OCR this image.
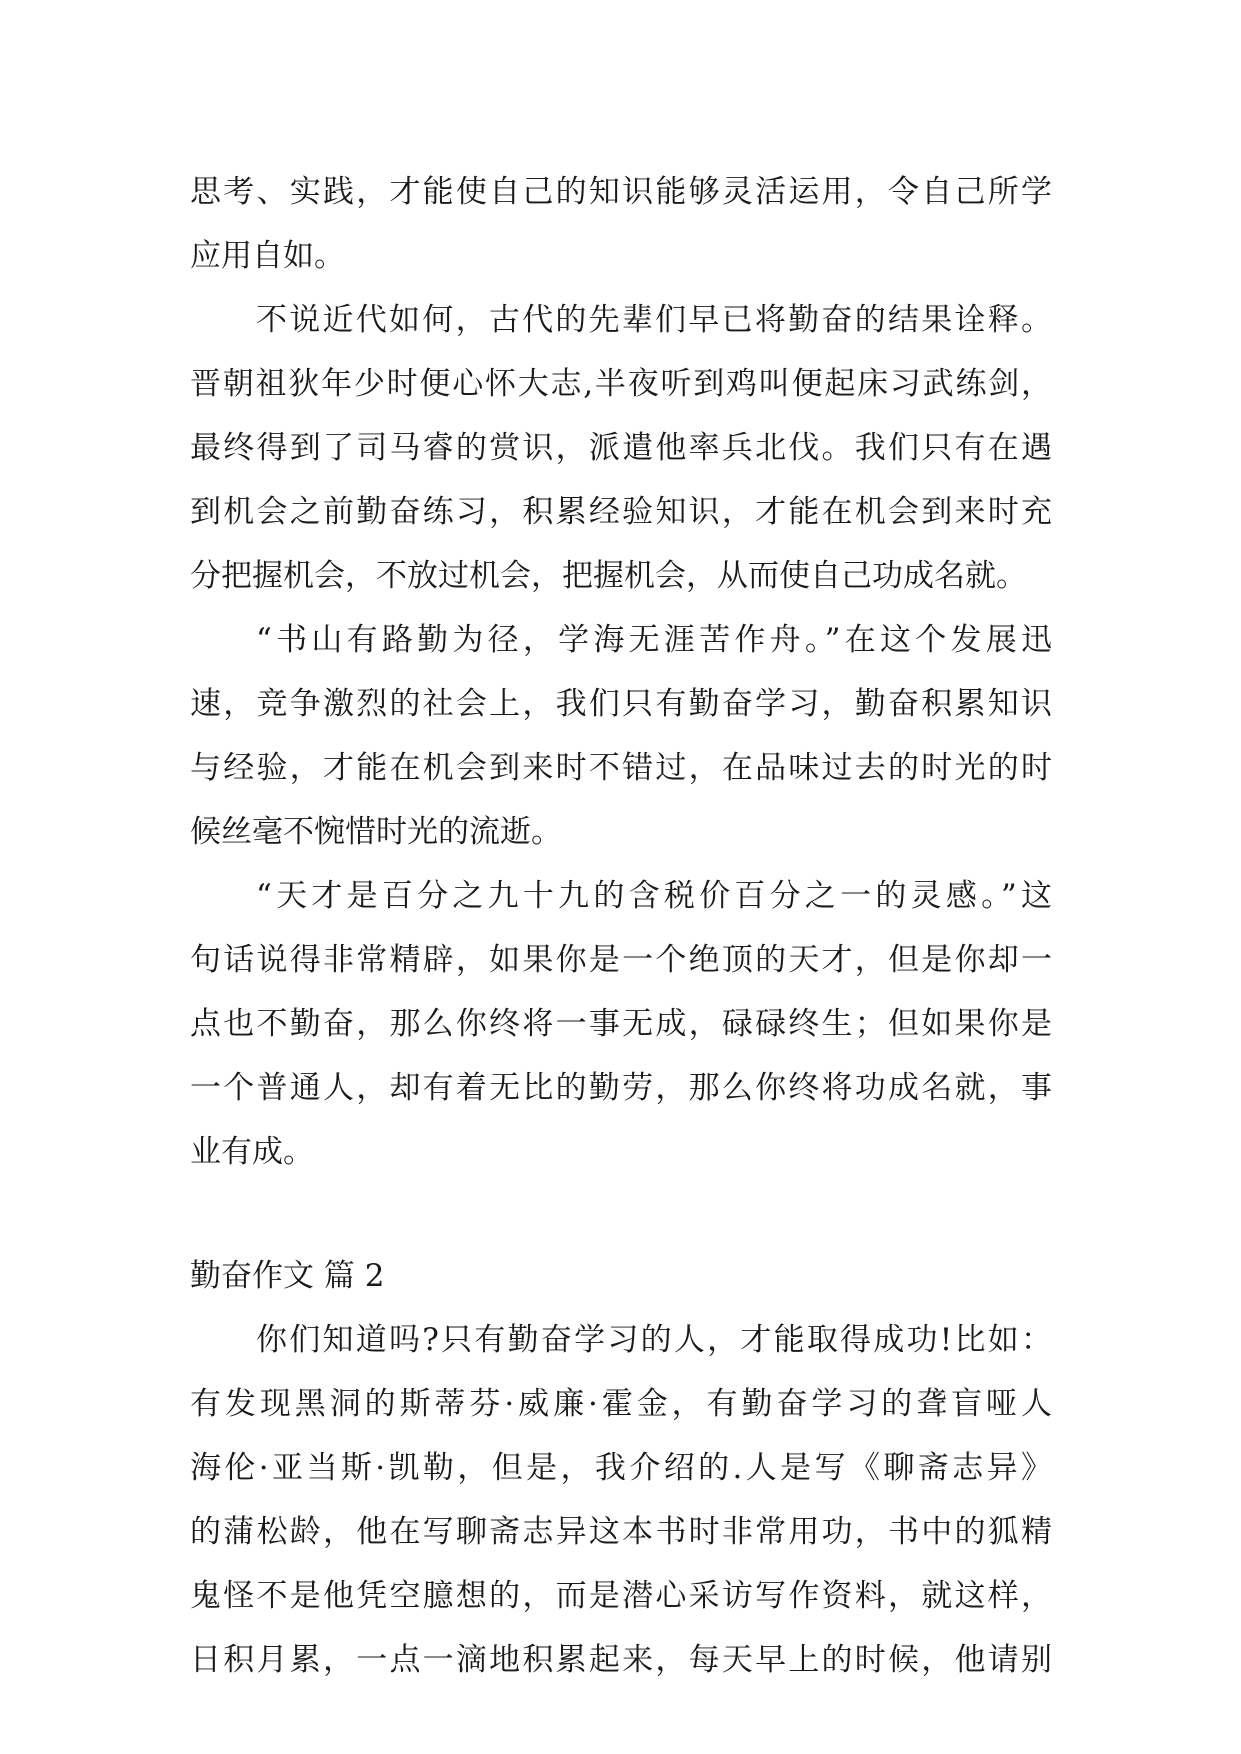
思考、实践，才能使自己的知识能够灵活运用，令自己所学
应用自如。
不说近代如何，古代的先辈们早已将勤奋的结果诠释。
晋朝祖狄年少时便心怀大志,半夜听到鸡叫便起床习武练剑，
最终得到了司马睿的赏识，派遣他率兵北伐。我们只有在遇
到机会之前勤奋练习，积累经验知识，才能在机会到来时充
分把握机会，不放过机会，把握机会，从而使自己功成名就。
“书山有路勤为径，学海无涯苦作舟。”在这个发展迅
速，竞争激烈的社会上，我们只有勤奋学习，勤奋积累知识
与经验，才能在机会到来时不错过，在品味过去的时光的时
候丝毫不惋惜时光的流逝。
“天才是百分之九十九的含税价百分之一的灵感。”这
句话说得非常精辟，如果你是一个绝顶的天才，但是你却一
点也不勤奋，那么你终将一事无成，碌碌终生；但如果你是
一个普通人，却有着无比的勤劳，那么你终将功成名就，事
业有成。
勤奋作文 篇 2
你们知道吗?只有勤奋学习的人，才能取得成功!比如：
有发现黑洞的斯蒂芬·威廉·霍金，有勤奋学习的聋盲哑人
海伦·亚当斯·凯勒，但是，我介绍的.人是写《聊斋志异》
的蒲松龄，他在写聊斋志异这本书时非常用功，书中的狐精
鬼怪不是他凭空臆想的，而是潜心采访写作资料，就这样，
日积月累，一点一滴地积累起来，每天早上的时候，他请别
